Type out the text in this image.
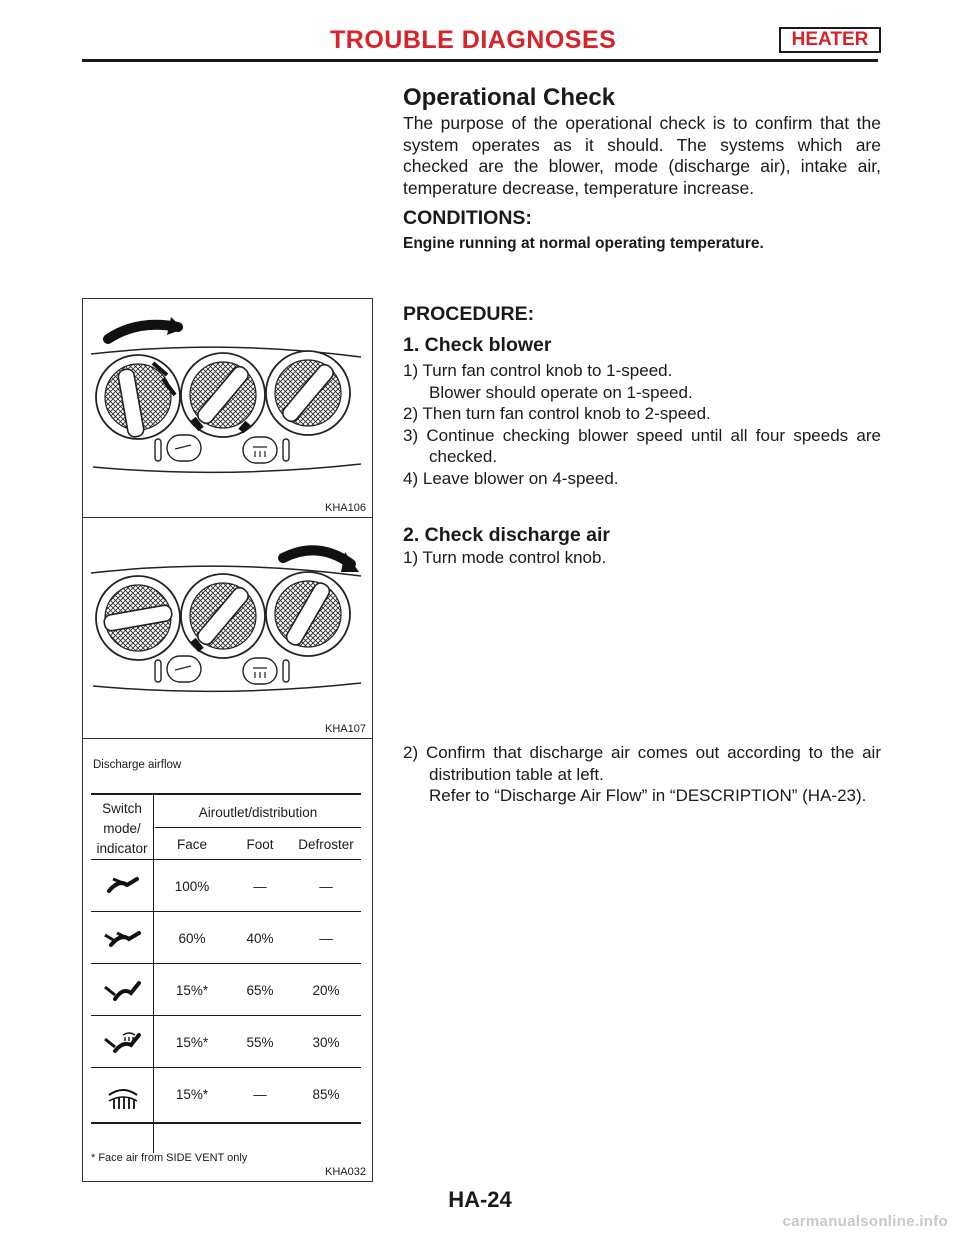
TROUBLE DIAGNOSES	HEATER
Operational Check
The purpose of the operational check is to confirm that the system operates as it should. The systems which are checked are the blower, mode (discharge air), intake air, temperature decrease, temperature increase.
CONDITIONS:
Engine running at normal operating temperature.
PROCEDURE:
1. Check blower
1) Turn fan control knob to 1-speed.
Blower should operate on 1-speed.
2) Then turn fan control knob to 2-speed.
3) Continue checking blower speed until all four speeds are checked.
4) Leave blower on 4-speed.
2. Check discharge air
1) Turn mode control knob.
2) Confirm that discharge air comes out according to the air distribution table at left.
Refer to “Discharge Air Flow” in “DESCRIPTION” (HA-23).
KHA106
KHA107
Discharge airflow
Switch mode/ indicator
Airoutlet/distribution
Face	Foot	Defroster
100%	—	—
60%	40%	—
15%*	65%	20%
15%*	55%	30%
15%*	—	85%
* Face air from SIDE VENT only
KHA032
HA-24
carmanualsonline.info
